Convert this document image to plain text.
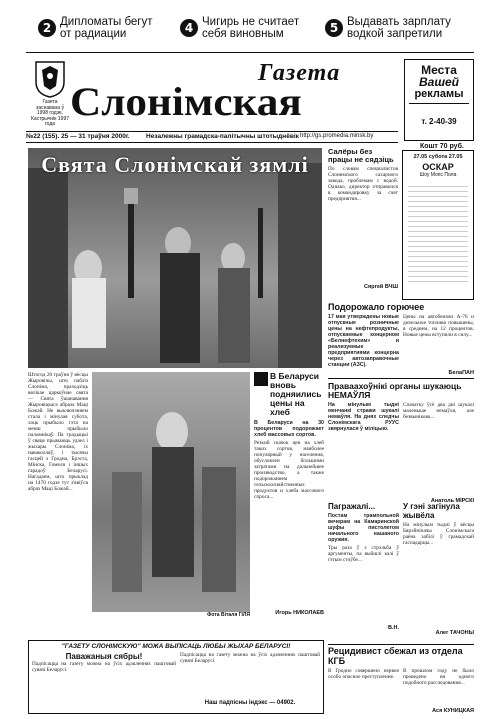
2 Дипломаты бегут от радиации	4 Чигирь не считает себя виновным	5 Выдавать зарплату водкой запретили
Газета заснавана ў 1998 годзе. Кастрычнік 1997 года
Газета
Слонімская
Места
Вашей
рекламы
т. 2-40-39
№22 (155). 25 — 31 траўня 2000г.	Незалежны грамадска-палітычны штотыднёвік http://gs.promedia.minsk.by
Кошт 70 руб.
Свята Слонімскай зямлі
Штогод 20 траўня ў вёсцы Жыровічы, што пабліз Слоніма, праходзіць вялікае царкоўнае свята — Свята ўшанавання Жыровіцкага абраза Маці Божай. Не выключэннем стала і мінулая субота, хоць прыбыло гэта на менш прыбыло паломнікаў. Па традыцыі ў свяце прымаюць удзел і жыхары Слоніма, іх наваколляў, і тысячы гасцей з Гродна, Брэста, Мінска, Гомеля і іншых гарадоў Беларусі. Нагадаем, што прыклад на 1470 годзе тут з'явіўся абраз Маці Божай...
Фота Віталя ГІЛЯ
В Беларуси вновь подняились цены на хлеб
В Беларуси на 30 процентов подорожает хлеб массовых сортов.
Резкий скачок цен на хлеб таких сортов, наиболее популярный у населения, обусловлен большими затратами на дальнейшее производство, а также подорожанием сельскохозяйственных продуктов и хлеба массового спроса...
Игорь НИКОЛАЕВ
Салёры без працы не сядзіць
По словам специалистов Слонимского сахарного завода, проблемам с водой. Однако, директор отправился в командировку за счет предприятия...
Сяргей ВЧШ
27.05 субота 27.05
ОСКАР
Шоу Мопс Пола
Подорожало горючее
17 мая утверждены новые отпускные розничные цены на нефтепродукты, отпускаемые концерном «Белнефтехим» и реализуемые предприятиями концерна через автозаправочные станции (АЗС).
Цены на автобензин А-76 и дизельное топливо повышены, в среднем, на 12 процентов. Новые цены вступили в силу...
БелаПАН
Праваахоўнікі органы шукаюць НЕМАЎЛЯ
На мінулым тыдні менчанкі стражи шукалі немаўля. На днях следчы Слонімскага РУУС звярнулася ў міліцыю.
Спачатку ўсё два дні шукалі маленькае немаўля, але безвынікова...
Анатоль МІРСКІ
Пагражалі...
Постам трампольной вечерам на Камаринской шуфы пистолетом начального нашаного оружия.
Тры раза ў з стрэльба ў аргументы, па выйшлі калі ў гэтым стоўбе...
В.Н.
У гэні загінула жывёла
На мінулым тыдні ў вёсцы Бярэйніпачы Слонімскага раёна забілі ў грамадскай гаспадарцы...
Алег ТАЧОНЫ
Рецидивист сбежал из отдела КГБ
В Гродно совершено первое особо опасное преступление.
В прошлом году не было проведено ни одного подобного расследования...
Ася КУНИЦКАЯ
"ГАЗЕТУ СЛОНІМСКУЮ" МОЖА ВЫПІСАЦЬ ЛЮБЫ ЖЫХАР БЕЛАРУСІ!
Паважаныя сябры!
Падпісацца на газету можна на ўсіх адзяленнях паштовай сувязі Беларусі.
Падпісацца на газету можна на ўсіх адзяленнях паштовай сувязі Беларусі.
Наш падпісны індэкс — 04902.
